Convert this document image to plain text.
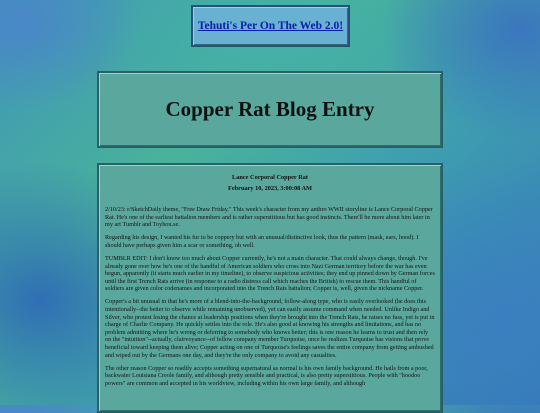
Tehuti's Per On The Web 2.0!
Copper Rat Blog Entry
Lance Corporal Copper Rat
February 10, 2023, 3:00:08 AM

2/10/23: r/SketchDaily theme, "Free Draw Friday." This week's character from my anthro WWII storyline is Lance Corporal Copper Rat. He's one of the earliest battalion members and is rather superstitious but has good instincts. There'll be more about him later in my art Tumblr and Toyhou.se.

Regarding his design, I wanted his fur to be coppery but with an unusual/distinctive look, thus the pattern (mask, ears, hood). I should have perhaps given him a scar or something, oh well.

TUMBLR EDIT: I don't know too much about Copper currently, he's not a main character. That could always change, though. I've already gone over how he's one of the handful of American soldiers who cross into Nazi German territory before the war has even begun, apparently (it starts much earlier in my timeline), to observe suspicious activities; they end up pinned down by German forces until the first Trench Rats arrive (in response to a radio distress call which reaches the British) to rescue them. This handful of soldiers are given color codenames and incorporated into the Trench Rats battalion; Copper is, well, given the nickname Copper.

Copper's a bit unusual in that he's more of a blend-into-the-background, follow-along type, who is easily overlooked (he does this intentionally--the better to observe while remaining unobserved), yet can easily assume command when needed. Unlike Indigo and Silver, who protest losing the chance at leadership positions when they're brought into the Trench Rats, he raises no fuss, yet is put in charge of Charlie Company. He quickly settles into the role. He's also good at knowing his strengths and limitations, and has no problem admitting where he's wrong or deferring to somebody who knows better; this is one reason he learns to trust and then rely on the "intuition"--actually, clairvoyance--of fellow company member Turquoise, once he realizes Turquoise has visions that prove beneficial toward keeping them alive; Copper acting on one of Turquoise's feelings saves the entire company from getting ambushed and wiped out by the Germans one day, and they're the only company to avoid any casualties.

The other reason Copper so readily accepts something supernatural as normal is his own family background. He hails from a poor, backwater Louisiana Creole family, and although pretty sensible and practical, is also pretty superstitious. People with "hoodoo powers" are common and accepted in his worldview, including within his own large family, and although
